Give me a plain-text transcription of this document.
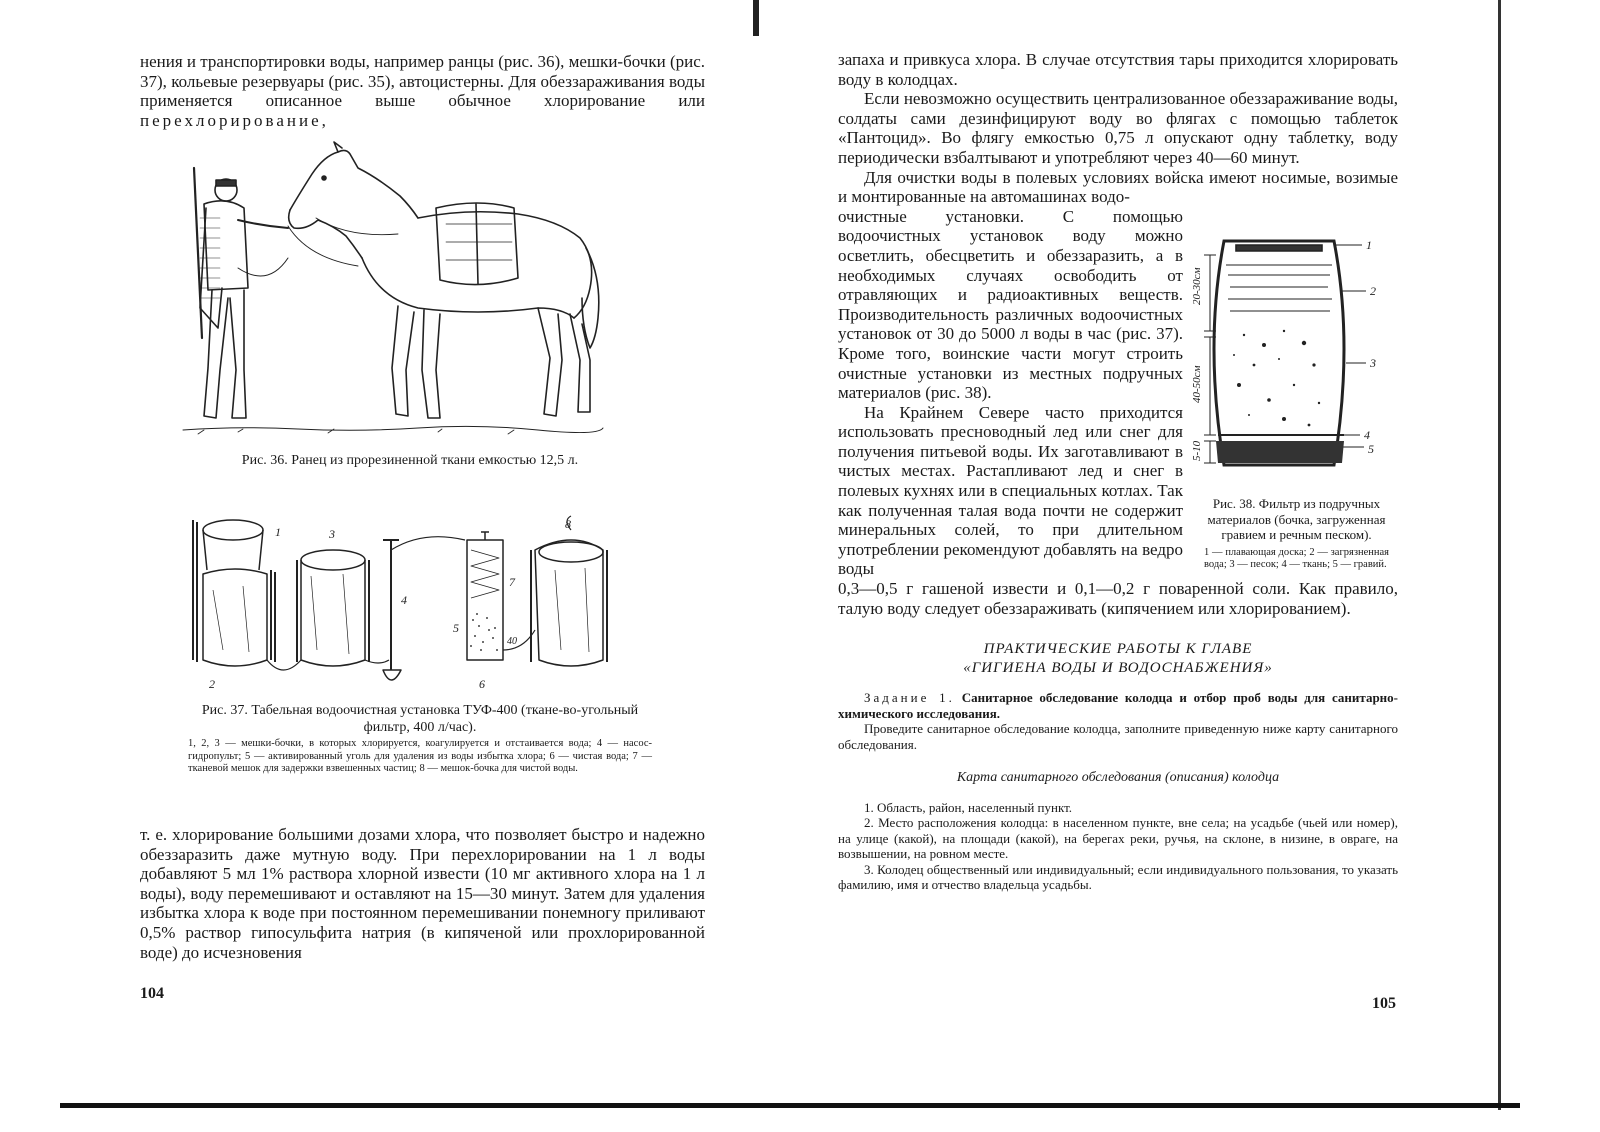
нения и транспортировки воды, например ранцы (рис. 36), мешки-бочки (рис. 37), кольевые резервуары (рис. 35), автоцистерны. Для обеззараживания воды применяется описанное выше обычное хлорирование или перехлорирование,

Рис. 36. Ранец из прорезиненной ткани емкостью 12,5 л.

1
2
3
4
5
6
7
8
40

Рис. 37. Табельная водоочистная установка ТУФ-400 (ткане-во-угольный фильтр, 400 л/час).

1, 2, 3 — мешки-бочки, в которых хлорируется, коагулируется и отстаивается вода; 4 — насос-гидропульт; 5 — активированный уголь для удаления из воды избытка хлора; 6 — чистая вода; 7 — тканевой мешок для задержки взвешенных частиц; 8 — мешок-бочка для чистой воды.

т. е. хлорирование большими дозами хлора, что позволяет быстро и надежно обеззаразить даже мутную воду. При перехлорировании на 1 л воды добавляют 5 мл 1% раствора хлорной извести (10 мг активного хлора на 1 л воды), воду перемешивают и оставляют на 15—30 минут. Затем для удаления избытка хлора к воде при постоянном перемешивании понемногу приливают 0,5% раствор гипосульфита натрия (в кипяченой или прохлорированной воде) до исчезновения

104

запаха и привкуса хлора. В случае отсутствия тары приходится хлорировать воду в колодцах.

Если невозможно осуществить централизованное обеззараживание воды, солдаты сами дезинфицируют воду во флягах с помощью таблеток «Пантоцид». Во флягу емкостью 0,75 л опускают одну таблетку, воду периодически взбалтывают и употребляют через 40—60 минут.

Для очистки воды в полевых условиях войска имеют носимые, возимые и монтированные на автомашинах водо-

очистные установки. С помощью водоочистных установок воду можно осветлить, обесцветить и обеззаразить, а в необходимых случаях освободить от отравляющих и радиоактивных веществ. Производительность различных водоочистных установок от 30 до 5000 л воды в час (рис. 37). Кроме того, воинские части могут строить очистные установки из местных подручных материалов (рис. 38).

На Крайнем Севере часто приходится использовать пресноводный лед или снег для получения питьевой воды. Их заготавливают в чистых местах. Растапливают лед и снег в полевых кухнях или в специальных котлах. Так как полученная талая вода почти не содержит минеральных солей, то при длительном употреблении рекомендуют добавлять на ведро воды

0,3—0,5 г гашеной извести и 0,1—0,2 г поваренной соли. Как правило, талую воду следует обеззараживать (кипячением или хлорированием).

ПРАКТИЧЕСКИЕ РАБОТЫ К ГЛАВЕ

«ГИГИЕНА ВОДЫ И ВОДОСНАБЖЕНИЯ»

Задание 1. Санитарное обследование колодца и отбор проб воды для санитарно-химического исследования.

Проведите санитарное обследование колодца, заполните приведенную ниже карту санитарного обследования.

Карта санитарного обследования (описания) колодца

1. Область, район, населенный пункт.

2. Место расположения колодца: в населенном пункте, вне села; на усадьбе (чьей или номер), на улице (какой), на площади (какой), на берегах реки, ручья, на склоне, в низине, в овраге, на возвышении, на ровном месте.

3. Колодец общественный или индивидуальный; если индивидуального пользования, то указать фамилию, имя и отчество владельца усадьбы.

1
2
3
4
5
20-30см
40-50см
5-10

Рис. 38. Фильтр из подручных материалов (бочка, загруженная гравием и речным песком).

1 — плавающая доска; 2 — загрязненная вода; 3 — песок; 4 — ткань; 5 — гравий.

105
